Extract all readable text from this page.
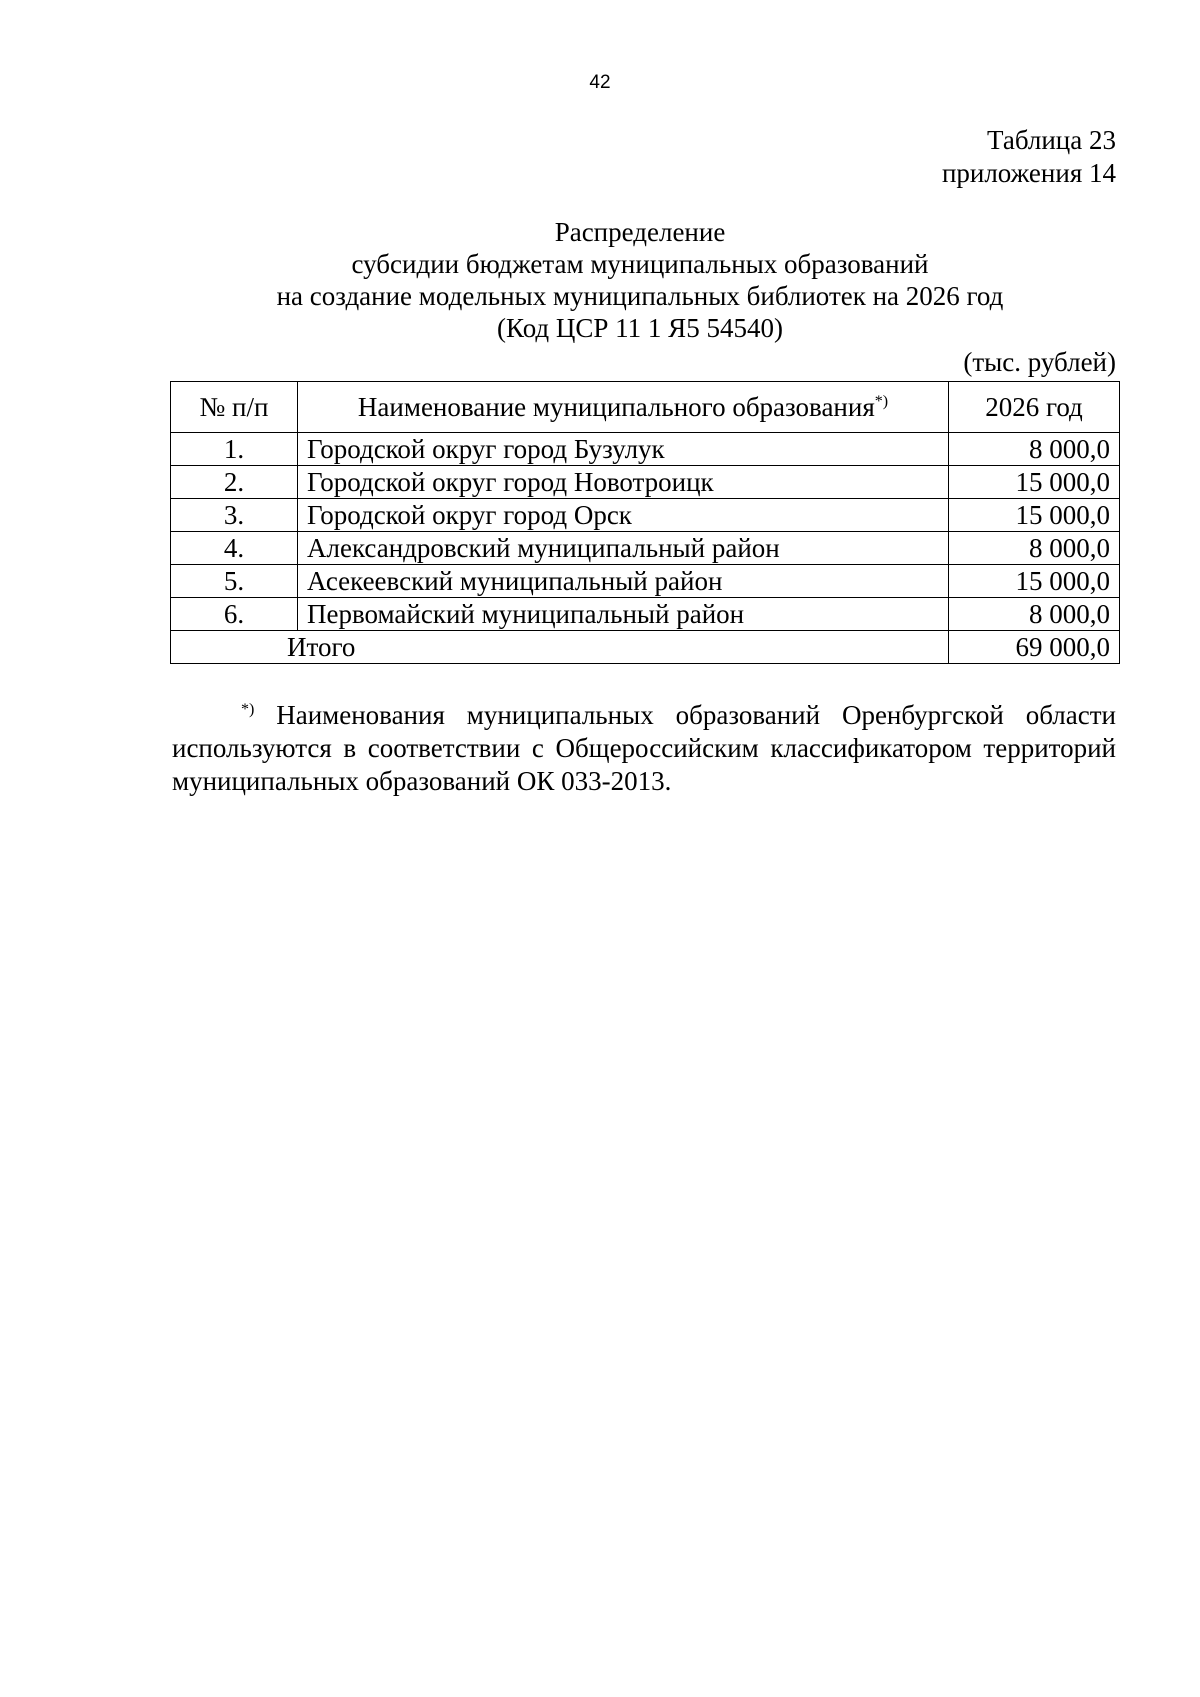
42
Таблица 23
приложения 14
Распределение
субсидии бюджетам муниципальных образований
на создание модельных муниципальных библиотек на 2026 год
(Код ЦСР 11 1 Я5 54540)
(тыс. рублей)
№ п/п	Наименование муниципального образования*)	2026 год
1.	Городской округ город Бузулук	8 000,0
2.	Городской округ город Новотроицк	15 000,0
3.	Городской округ город Орск	15 000,0
4.	Александровский муниципальный район	8 000,0
5.	Асекеевский муниципальный район	15 000,0
6.	Первомайский муниципальный район	8 000,0
Итого		69 000,0
*) Наименования муниципальных образований Оренбургской области используются в соответствии с Общероссийским классификатором территорий муниципальных образований ОК 033-2013.
